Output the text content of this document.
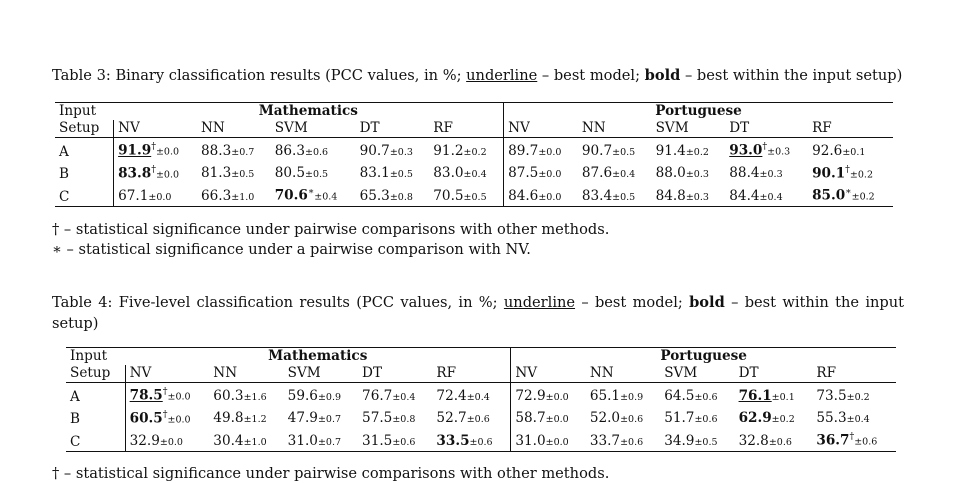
Table 3: Binary classification results (PCC values, in %; underline – best model; bold – best within the input setup)
Input	Mathematics					Portuguese				
Setup	NV	NN	SVM	DT	RF	NV	NN	SVM	DT	RF
A	91.9†±0.0	88.3±0.7	86.3±0.6	90.7±0.3	91.2±0.2	89.7±0.0	90.7±0.5	91.4±0.2	93.0†±0.3	92.6±0.1
B	83.8†±0.0	81.3±0.5	80.5±0.5	83.1±0.5	83.0±0.4	87.5±0.0	87.6±0.4	88.0±0.3	88.4±0.3	90.1†±0.2
C	67.1±0.0	66.3±1.0	70.6∗±0.4	65.3±0.8	70.5±0.5	84.6±0.0	83.4±0.5	84.8±0.3	84.4±0.4	85.0∗±0.2
† – statistical significance under pairwise comparisons with other methods.
∗ – statistical significance under a pairwise comparison with NV.
Table 4: Five-level classification results (PCC values, in %; underline – best model; bold – best within the input setup)
Input	Mathematics					Portuguese				
Setup	NV	NN	SVM	DT	RF	NV	NN	SVM	DT	RF
A	78.5†±0.0	60.3±1.6	59.6±0.9	76.7±0.4	72.4±0.4	72.9±0.0	65.1±0.9	64.5±0.6	76.1±0.1	73.5±0.2
B	60.5†±0.0	49.8±1.2	47.9±0.7	57.5±0.8	52.7±0.6	58.7±0.0	52.0±0.6	51.7±0.6	62.9±0.2	55.3±0.4
C	32.9±0.0	30.4±1.0	31.0±0.7	31.5±0.6	33.5±0.6	31.0±0.0	33.7±0.6	34.9±0.5	32.8±0.6	36.7†±0.6
† – statistical significance under pairwise comparisons with other methods.
